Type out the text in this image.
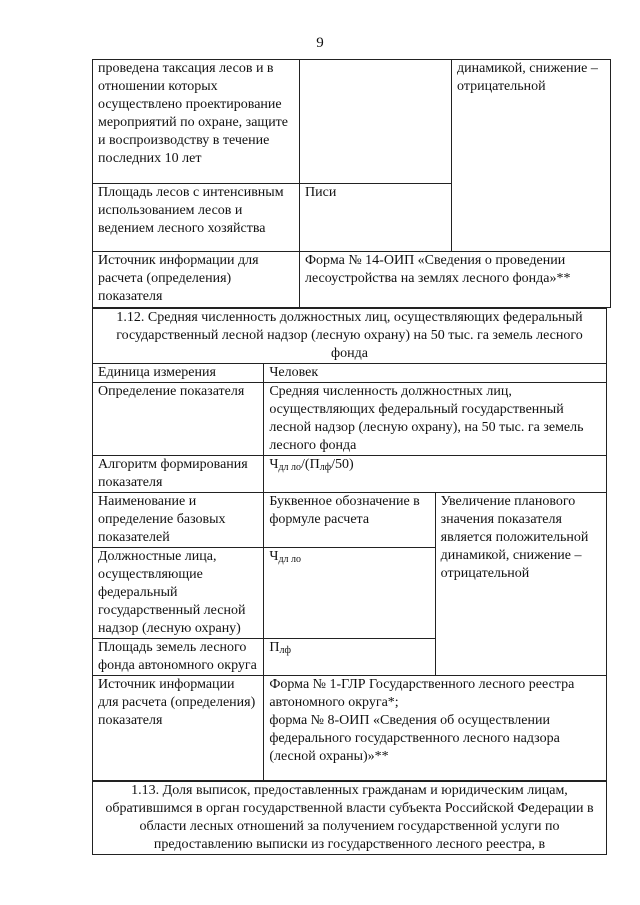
9
проведена таксация лесов и в отношении которых осуществлено проектирование мероприятий по охране, защите и воспроизводству в течение последних 10 лет		динамикой, снижение – отрицательной
Площадь лесов с интенсивным использованием лесов и ведением лесного хозяйства	Писи	
Источник информации для расчета (определения) показателя	Форма № 14-ОИП «Сведения о проведении лесоустройства на землях лесного фонда»**	
1.12. Средняя численность должностных лиц, осуществляющих федеральный государственный лесной надзор (лесную охрану) на 50 тыс. га земель лесного фонда		
Единица измерения	Человек	
Определение показателя	Средняя численность должностных лиц, осуществляющих федеральный государственный лесной надзор (лесную охрану), на 50 тыс. га земель лесного фонда	
Алгоритм формирования показателя	$Ч_{дл ло}/(П_{лф}/50)$	
Наименование и определение базовых показателей	Буквенное обозначение в формуле расчета	Увеличение планового значения показателя является положительной динамикой, снижение – отрицательной
Должностные лица, осуществляющие федеральный государственный лесной надзор (лесную охрану)	$Ч_{дл ло}$
Площадь земель лесного фонда автономного округа	$П_{лф}$
Источник информации для расчета (определения) показателя	Форма № 1-ГЛР Государственного лесного реестра автономного округа*;
форма № 8-ОИП «Сведения об осуществлении федерального государственного лесного надзора (лесной охраны)»**	
1.13. Доля выписок, предоставленных гражданам и юридическим лицам, обратившимся в орган государственной власти субъекта Российской Федерации в области лесных отношений за получением государственной услуги по предоставлению выписки из государственного лесного реестра, в
